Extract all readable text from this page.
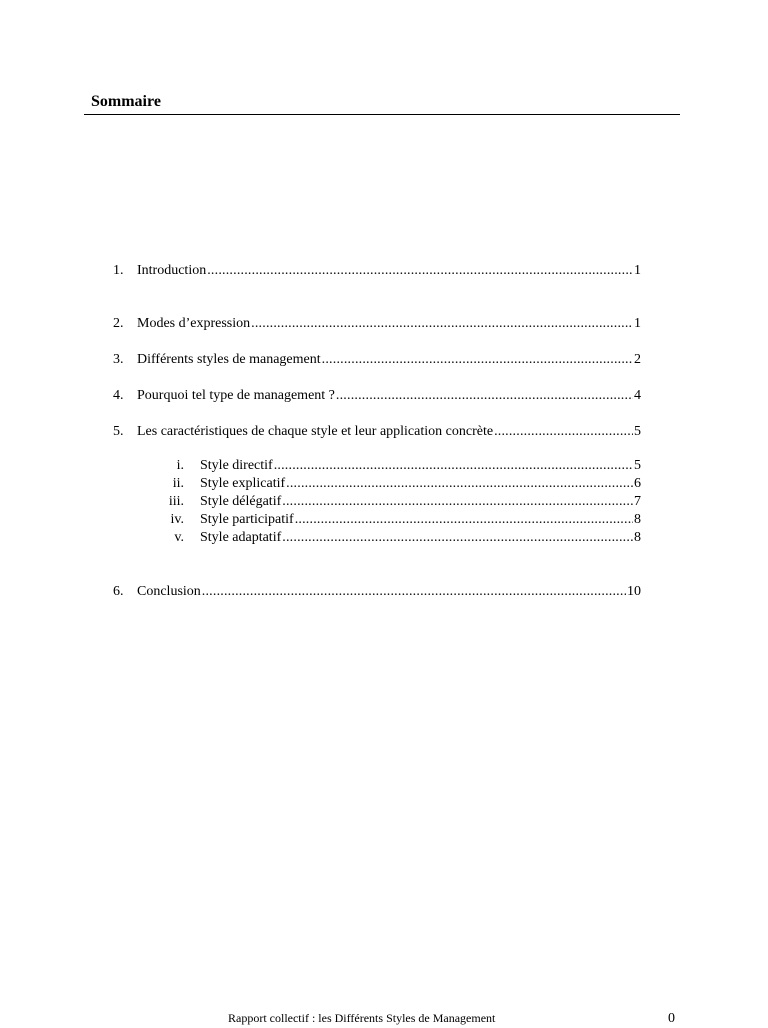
Sommaire
1. Introduction .....	1
2. Modes d’expression .....	1
3. Différents styles de management .....	2
4. Pourquoi tel type de management ? .....	4
5. Les caractéristiques de chaque style et leur application concrète .....	5
i. Style directif .....	5
ii. Style explicatif .....	6
iii. Style délégatif .....	7
iv. Style participatif .....	8
v. Style adaptatif .....	8
6. Conclusion .....	10
Rapport collectif : les Différents Styles de Management	0
